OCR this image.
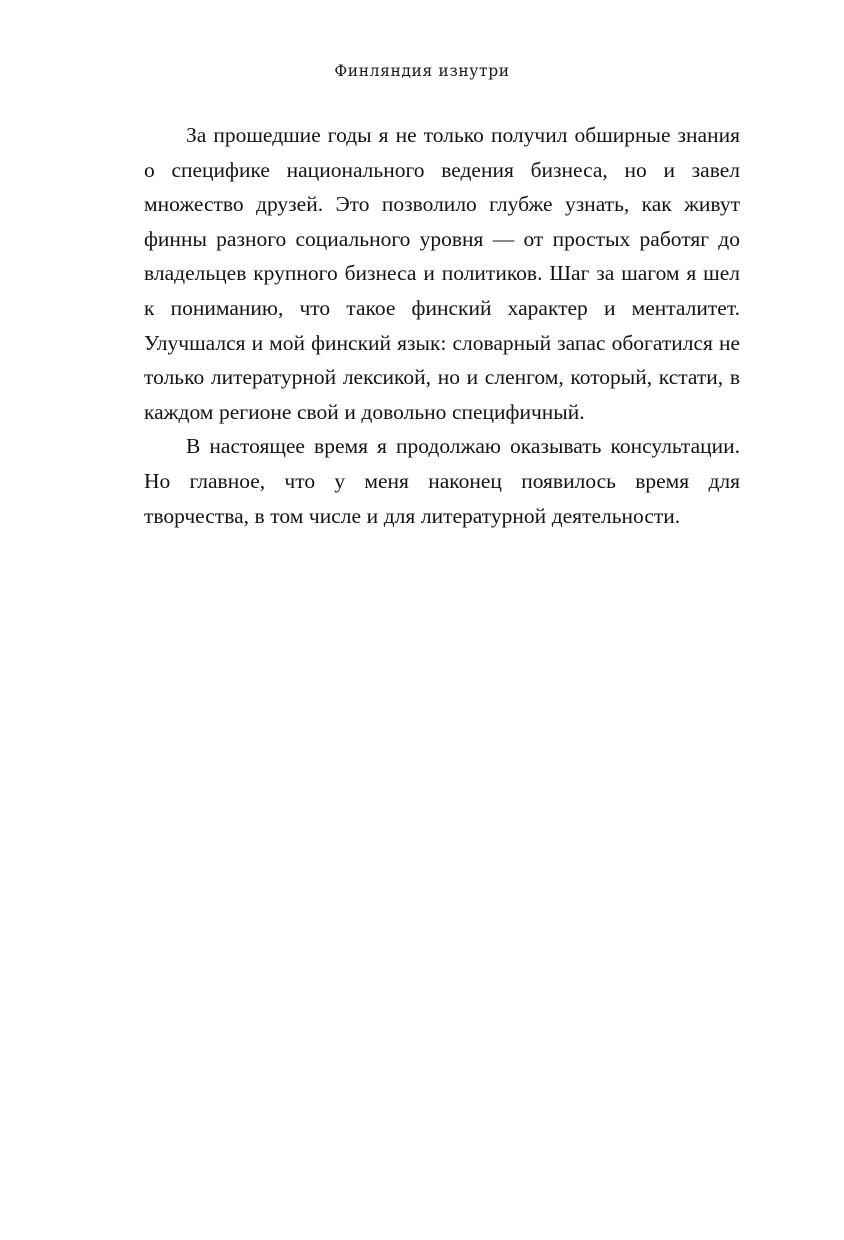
Финляндия изнутри

За прошедшие годы я не только получил обширные знания о специфике национального ведения бизнеса, но и завел множество друзей. Это позволило глубже узнать, как живут финны разного социального уровня — от простых работяг до владельцев крупного бизнеса и политиков. Шаг за шагом я шел к пониманию, что такое финский характер и менталитет. Улучшался и мой финский язык: словарный запас обогатился не только литературной лексикой, но и сленгом, который, кстати, в каждом регионе свой и довольно специфичный.

В настоящее время я продолжаю оказывать консультации. Но главное, что у меня наконец появилось время для творчества, в том числе и для литературной деятельности.
